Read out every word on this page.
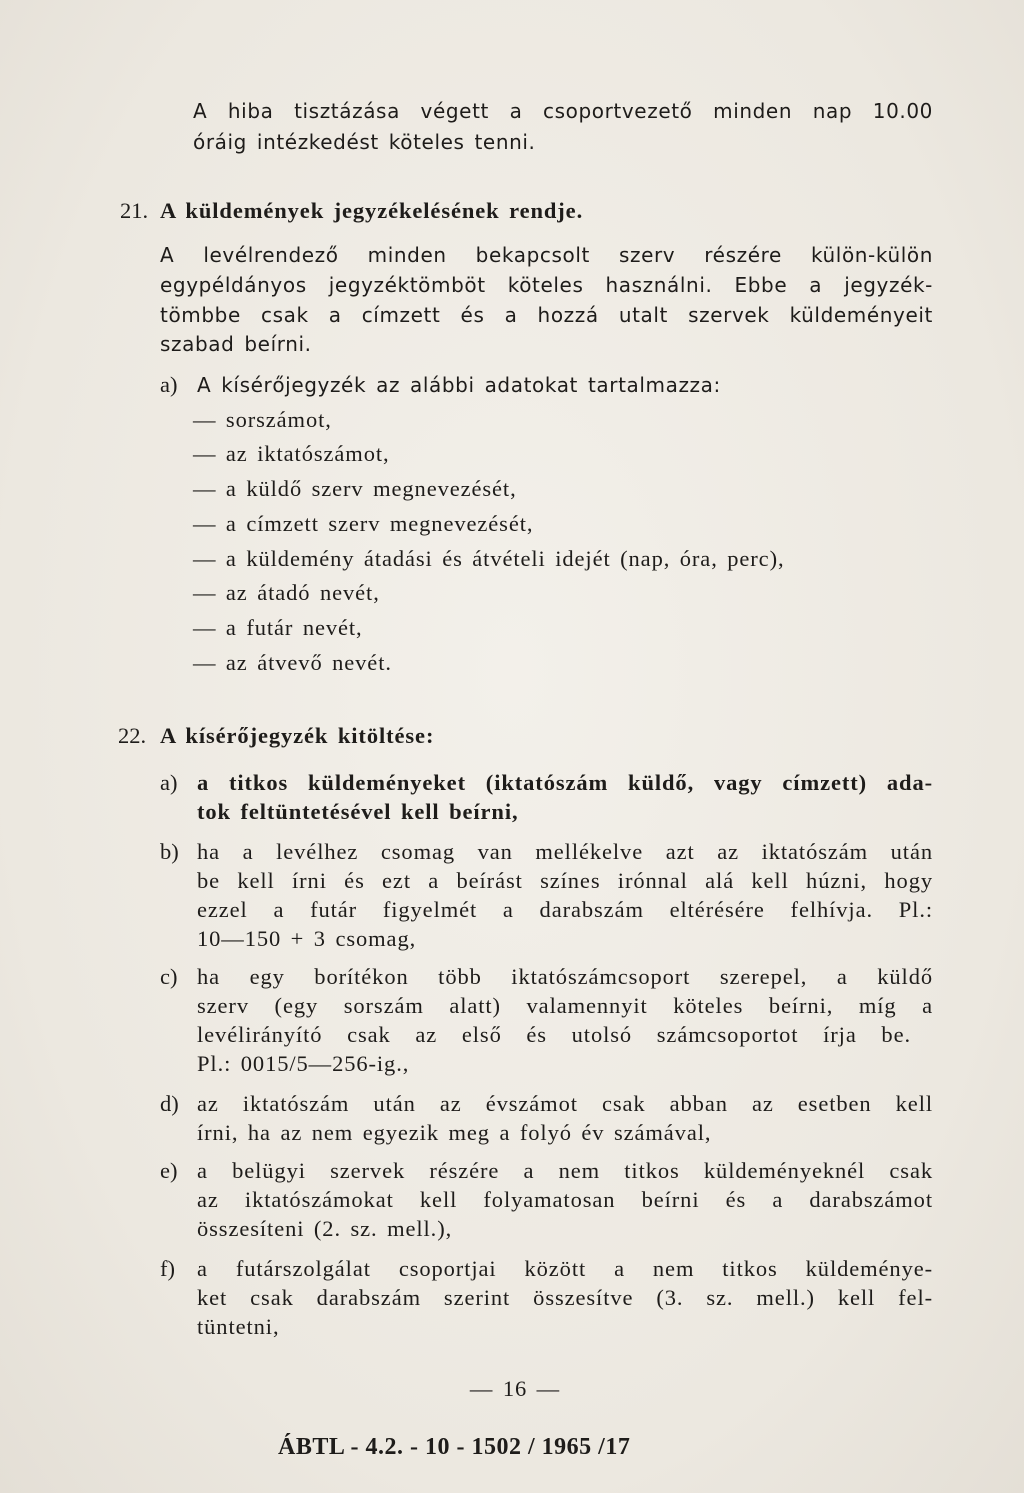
A hiba tisztázása végett a csoportvezető minden nap 10.00
óráig intézkedést köteles tenni.
21. A küldemények jegyzékelésének rendje.
A levélrendező minden bekapcsolt szerv részére külön-külön
egypéldányos jegyzéktömböt köteles használni. Ebbe a jegyzék-
tömbbe csak a címzett és a hozzá utalt szervek küldeményeit
szabad beírni.
a) A kísérőjegyzék az alábbi adatokat tartalmazza:
— sorszámot,
— az iktatószámot,
— a küldő szerv megnevezését,
— a címzett szerv megnevezését,
— a küldemény átadási és átvételi idejét (nap, óra, perc),
— az átadó nevét,
— a futár nevét,
— az átvevő nevét.
22. A kísérőjegyzék kitöltése:
a) a titkos küldeményeket (iktatószám küldő, vagy címzett) ada-
tok feltüntetésével kell beírni,
b) ha a levélhez csomag van mellékelve azt az iktatószám után
be kell írni és ezt a beírást színes irónnal alá kell húzni, hogy
ezzel a futár figyelmét a darabszám eltérésére felhívja. Pl.:
10—150 + 3 csomag,
c) ha egy borítékon több iktatószámcsoport szerepel, a küldő
szerv (egy sorszám alatt) valamennyit köteles beírni, míg a
levélirányító csak az első és utolsó számcsoportot írja be.
Pl.: 0015/5—256-ig.,
d) az iktatószám után az évszámot csak abban az esetben kell
írni, ha az nem egyezik meg a folyó év számával,
e) a belügyi szervek részére a nem titkos küldeményeknél csak
az iktatószámokat kell folyamatosan beírni és a darabszámot
összesíteni (2. sz. mell.),
f) a futárszolgálat csoportjai között a nem titkos küldeménye-
ket csak darabszám szerint összesítve (3. sz. mell.) kell fel-
tüntetni,
— 16 —
ÁBTL - 4.2. - 10 - 1502 / 1965 /17
